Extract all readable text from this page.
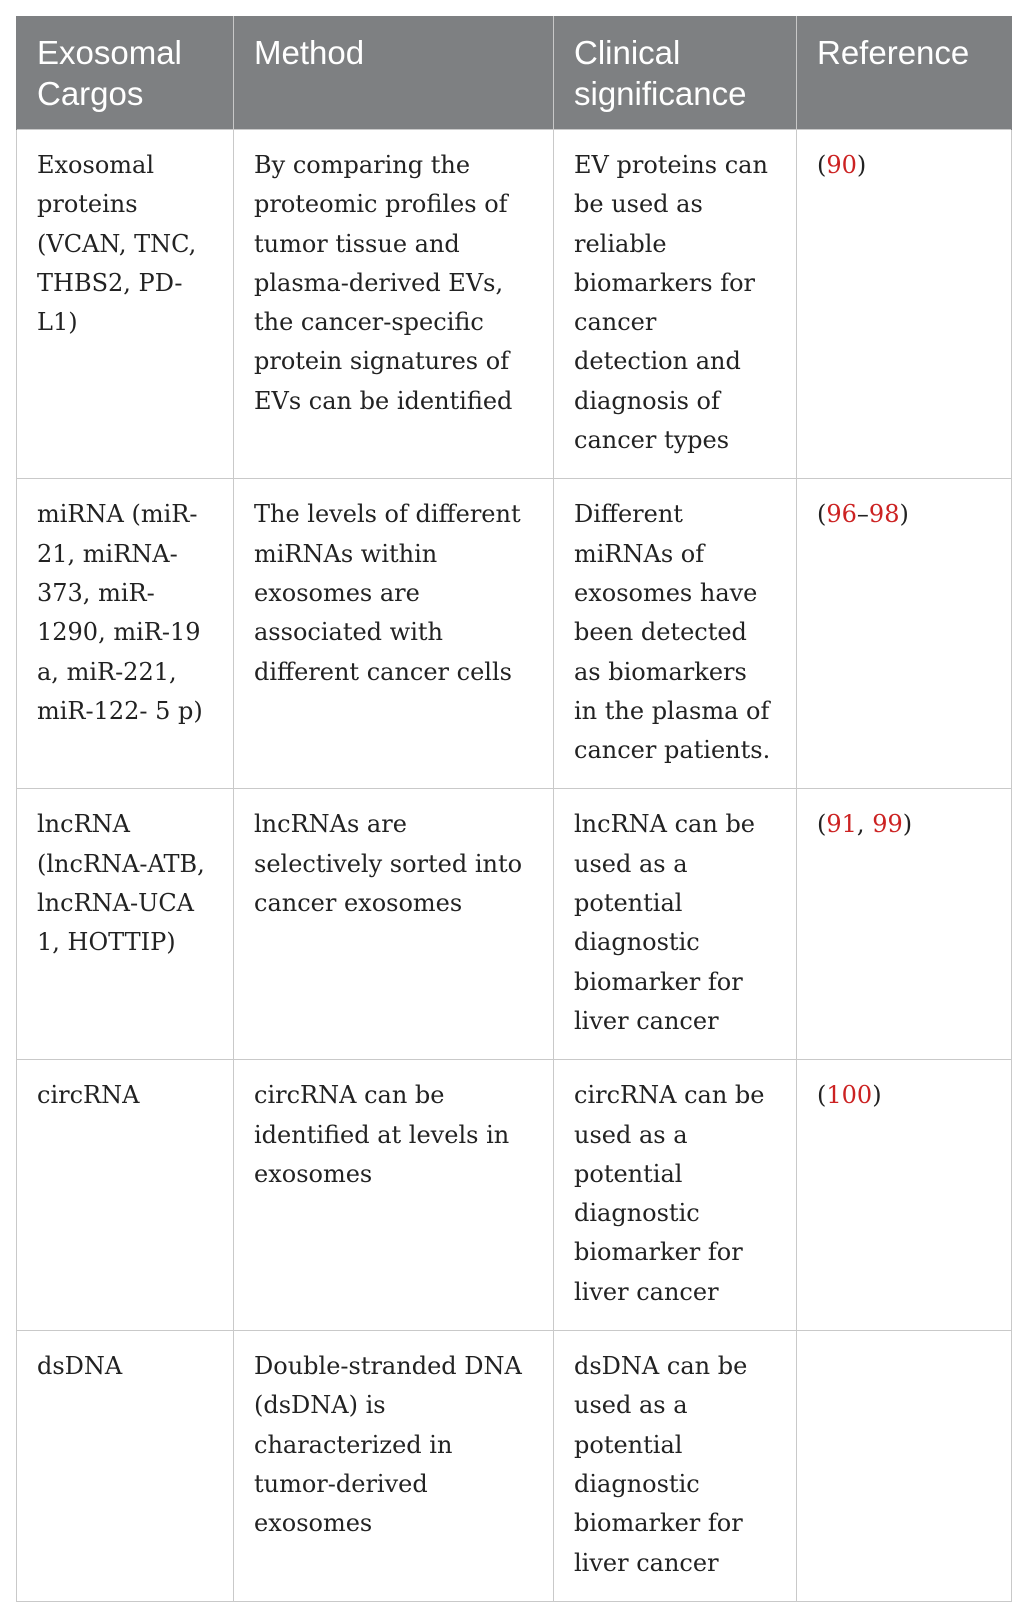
Exosomal Cargos	Method	Clinical significance	Reference
Exosomal proteins (VCAN, TNC, THBS2, PD-L1)	By comparing the proteomic profiles of tumor tissue and plasma-derived EVs, the cancer-specific protein signatures of EVs can be identified	EV proteins can be used as reliable biomarkers for cancer detection and diagnosis of cancer types	(90)
miRNA (miR-21, miRNA-373, miR-1290, miR-19 a, miR-221, miR-122- 5 p)	The levels of different miRNAs within exosomes are associated with different cancer cells	Different miRNAs of exosomes have been detected as biomarkers in the plasma of cancer patients.	(96–98)
lncRNA (lncRNA-ATB, lncRNA-UCA 1, HOTTIP)	lncRNAs are selectively sorted into cancer exosomes	lncRNA can be used as a potential diagnostic biomarker for liver cancer	(91, 99)
circRNA	circRNA can be identified at levels in exosomes	circRNA can be used as a potential diagnostic biomarker for liver cancer	(100)
dsDNA	Double-stranded DNA (dsDNA) is characterized in tumor-derived exosomes	dsDNA can be used as a potential diagnostic biomarker for liver cancer	
